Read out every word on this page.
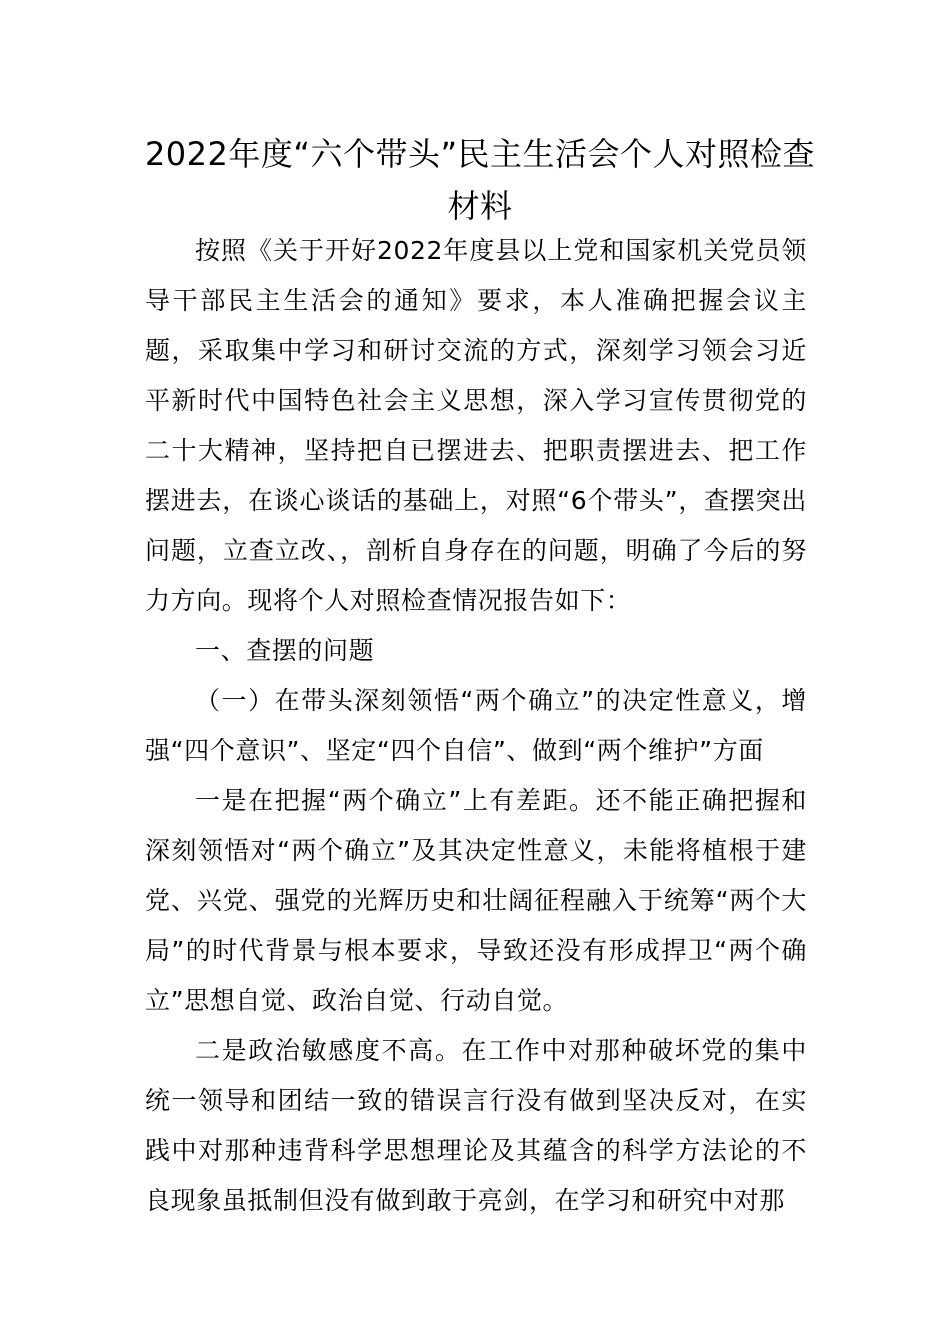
2022年度“六个带头”民主生活会个人对照检查材料

按照《关于开好2022年度县以上党和国家机关党员领导干部民主生活会的通知》要求，本人准确把握会议主题，采取集中学习和研讨交流的方式，深刻学习领会习近平新时代中国特色社会主义思想，深入学习宣传贯彻党的二十大精神，坚持把自已摆进去、把职责摆进去、把工作摆进去，在谈心谈话的基础上，对照“6个带头”，查摆突出问题，立查立改、，剖析自身存在的问题，明确了今后的努力方向。现将个人对照检查情况报告如下：

一、查摆的问题

（一）在带头深刻领悟“两个确立”的决定性意义，增强“四个意识”、坚定“四个自信”、做到“两个维护”方面

一是在把握“两个确立”上有差距。还不能正确把握和深刻领悟对“两个确立”及其决定性意义，未能将植根于建党、兴党、强党的光辉历史和壮阔征程融入于统筹“两个大局”的时代背景与根本要求，导致还没有形成捍卫“两个确立”思想自觉、政治自觉、行动自觉。

二是政治敏感度不高。在工作中对那种破坏党的集中统一领导和团结一致的错误言行没有做到坚决反对，在实践中对那种违背科学思想理论及其蕴含的科学方法论的不良现象虽抵制但没有做到敢于亮剑，在学习和研究中对那
